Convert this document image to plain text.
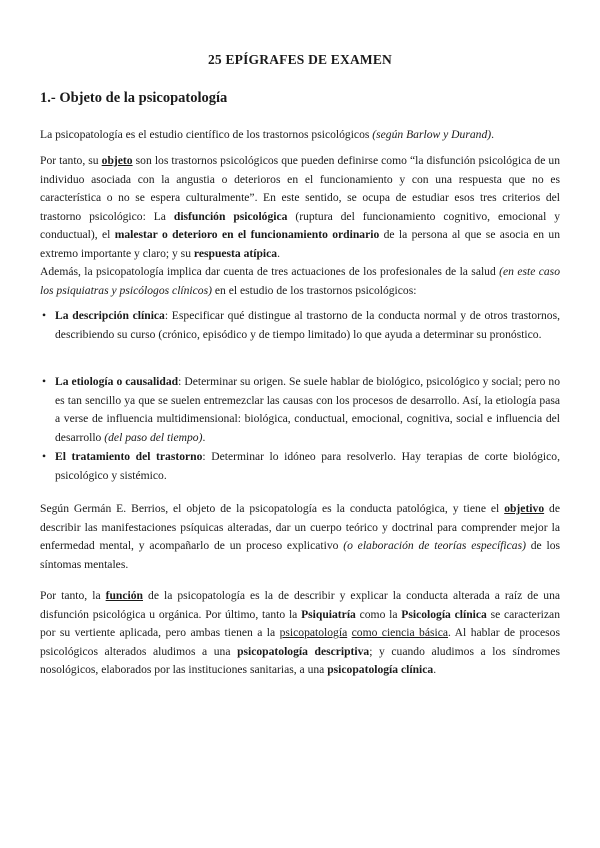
25 EPÍGRAFES DE EXAMEN
1.- Objeto de la psicopatología

La psicopatología es el estudio científico de los trastornos psicológicos (según Barlow y Durand).

Por tanto, su objeto son los trastornos psicológicos que pueden definirse como “la disfunción psicológica de un individuo asociada con la angustia o deterioros en el funcionamiento y con una respuesta que no es característica o no se espera culturalmente”. En este sentido, se ocupa de estudiar esos tres criterios del trastorno psicológico: La disfunción psicológica (ruptura del funcionamiento cognitivo, emocional y conductual), el malestar o deterioro en el funcionamiento ordinario de la persona al que se asocia en un extremo importante y claro; y su respuesta atípica.

Además, la psicopatología implica dar cuenta de tres actuaciones de los profesionales de la salud (en este caso los psiquiatras y psicólogos clínicos) en el estudio de los trastornos psicológicos:

• La descripción clínica: Especificar qué distingue al trastorno de la conducta normal y de otros trastornos, describiendo su curso (crónico, episódico y de tiempo limitado) lo que ayuda a determinar su pronóstico.
• La etiología o causalidad: Determinar su origen. Se suele hablar de biológico, psicológico y social; pero no es tan sencillo ya que se suelen entremezclar las causas con los procesos de desarrollo. Así, la etiología pasa a verse de influencia multidimensional: biológica, conductual, emocional, cognitiva, social e influencia del desarrollo (del paso del tiempo).
• El tratamiento del trastorno: Determinar lo idóneo para resolverlo. Hay terapias de corte biológico, psicológico y sistémico.

Según Germán E. Berrios, el objeto de la psicopatología es la conducta patológica, y tiene el objetivo de describir las manifestaciones psíquicas alteradas, dar un cuerpo teórico y doctrinal para comprender mejor la enfermedad mental, y acompañarlo de un proceso explicativo (o elaboración de teorías específicas) de los síntomas mentales.

Por tanto, la función de la psicopatología es la de describir y explicar la conducta alterada a raíz de una disfunción psicológica u orgánica. Por último, tanto la Psiquiatría como la Psicología clínica se caracterizan por su vertiente aplicada, pero ambas tienen a la psicopatología como ciencia básica. Al hablar de procesos psicológicos alterados aludimos a una psicopatología descriptiva; y cuando aludimos a los síndromes nosológicos, elaborados por las instituciones sanitarias, a una psicopatología clínica.
